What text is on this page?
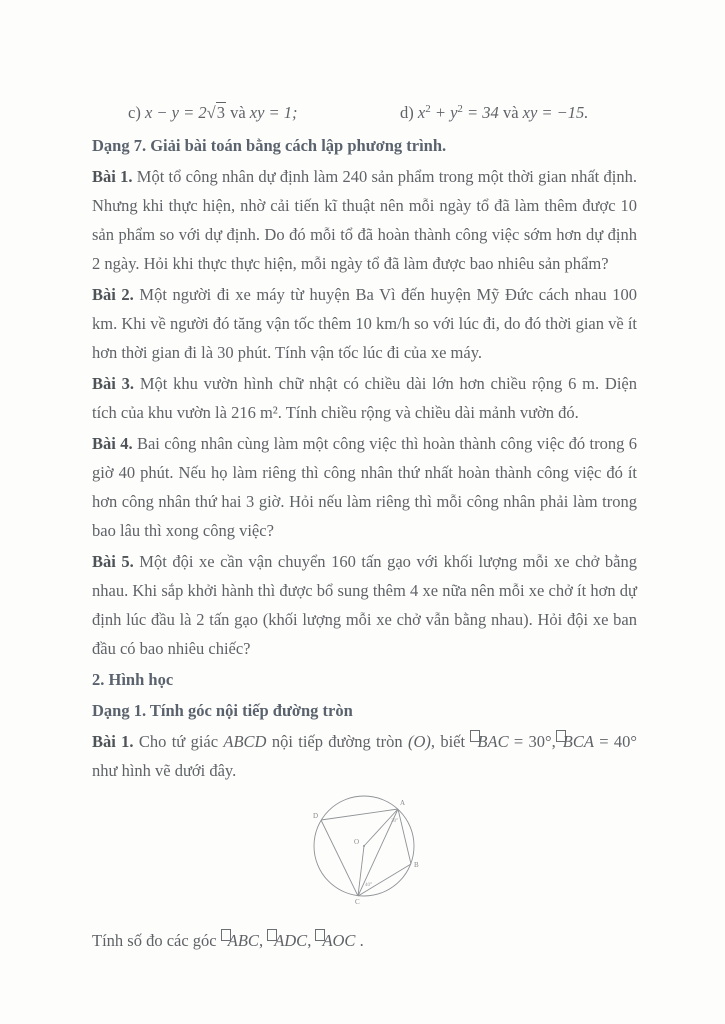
c) x − y = 2√3 và xy = 1;	d) $x^2 + y^2 = 34$ và xy = −15.
Dạng 7. Giải bài toán bằng cách lập phương trình.

Bài 1. Một tổ công nhân dự định làm 240 sản phẩm trong một thời gian nhất định. Nhưng khi thực hiện, nhờ cải tiến kĩ thuật nên mỗi ngày tổ đã làm thêm được 10 sản phẩm so với dự định. Do đó mỗi tổ đã hoàn thành công việc sớm hơn dự định 2 ngày. Hỏi khi thực thực hiện, mỗi ngày tổ đã làm được bao nhiêu sản phẩm?

Bài 2. Một người đi xe máy từ huyện Ba Vì đến huyện Mỹ Đức cách nhau 100 km. Khi về người đó tăng vận tốc thêm 10 km/h so với lúc đi, do đó thời gian về ít hơn thời gian đi là 30 phút. Tính vận tốc lúc đi của xe máy.

Bài 3. Một khu vườn hình chữ nhật có chiều dài lớn hơn chiều rộng 6 m. Diện tích của khu vườn là 216 m². Tính chiều rộng và chiều dài mảnh vườn đó.

Bài 4. Bai công nhân cùng làm một công việc thì hoàn thành công việc đó trong 6 giờ 40 phút. Nếu họ làm riêng thì công nhân thứ nhất hoàn thành công việc đó ít hơn công nhân thứ hai 3 giờ. Hỏi nếu làm riêng thì mỗi công nhân phải làm trong bao lâu thì xong công việc?

Bài 5. Một đội xe cần vận chuyển 160 tấn gạo với khối lượng mỗi xe chở bằng nhau. Khi sắp khởi hành thì được bổ sung thêm 4 xe nữa nên mỗi xe chở ít hơn dự định lúc đầu là 2 tấn gạo (khối lượng mỗi xe chở vẫn bằng nhau). Hỏi đội xe ban đầu có bao nhiêu chiếc?

2. Hình học
Dạng 1. Tính góc nội tiếp đường tròn

Bài 1. Cho tứ giác ABCD nội tiếp đường tròn (O), biết BAC = 30°, BCA = 40° như hình vẽ dưới đây.

A
B
C
D
O
30°
40°

Tính số đo các góc ABC, ADC, AOC .
